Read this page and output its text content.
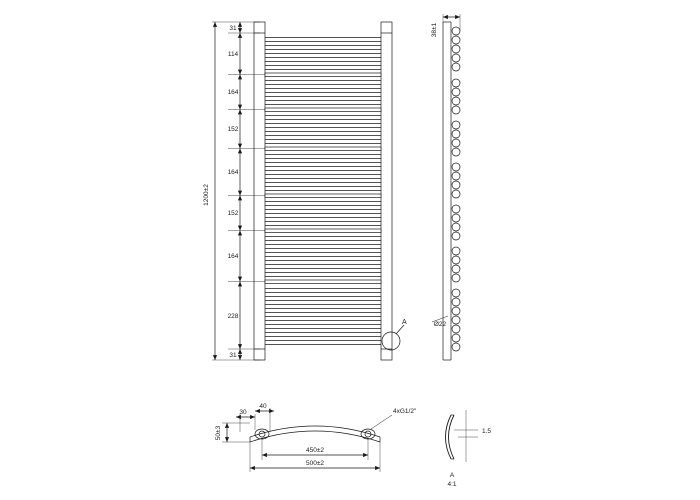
A
31
114
164
152
164
152
164
228
31
1200±2
38±1
Ø22
4xG1/2"
30
40
50±3
450±2
500±2
1.5
A
4:1
